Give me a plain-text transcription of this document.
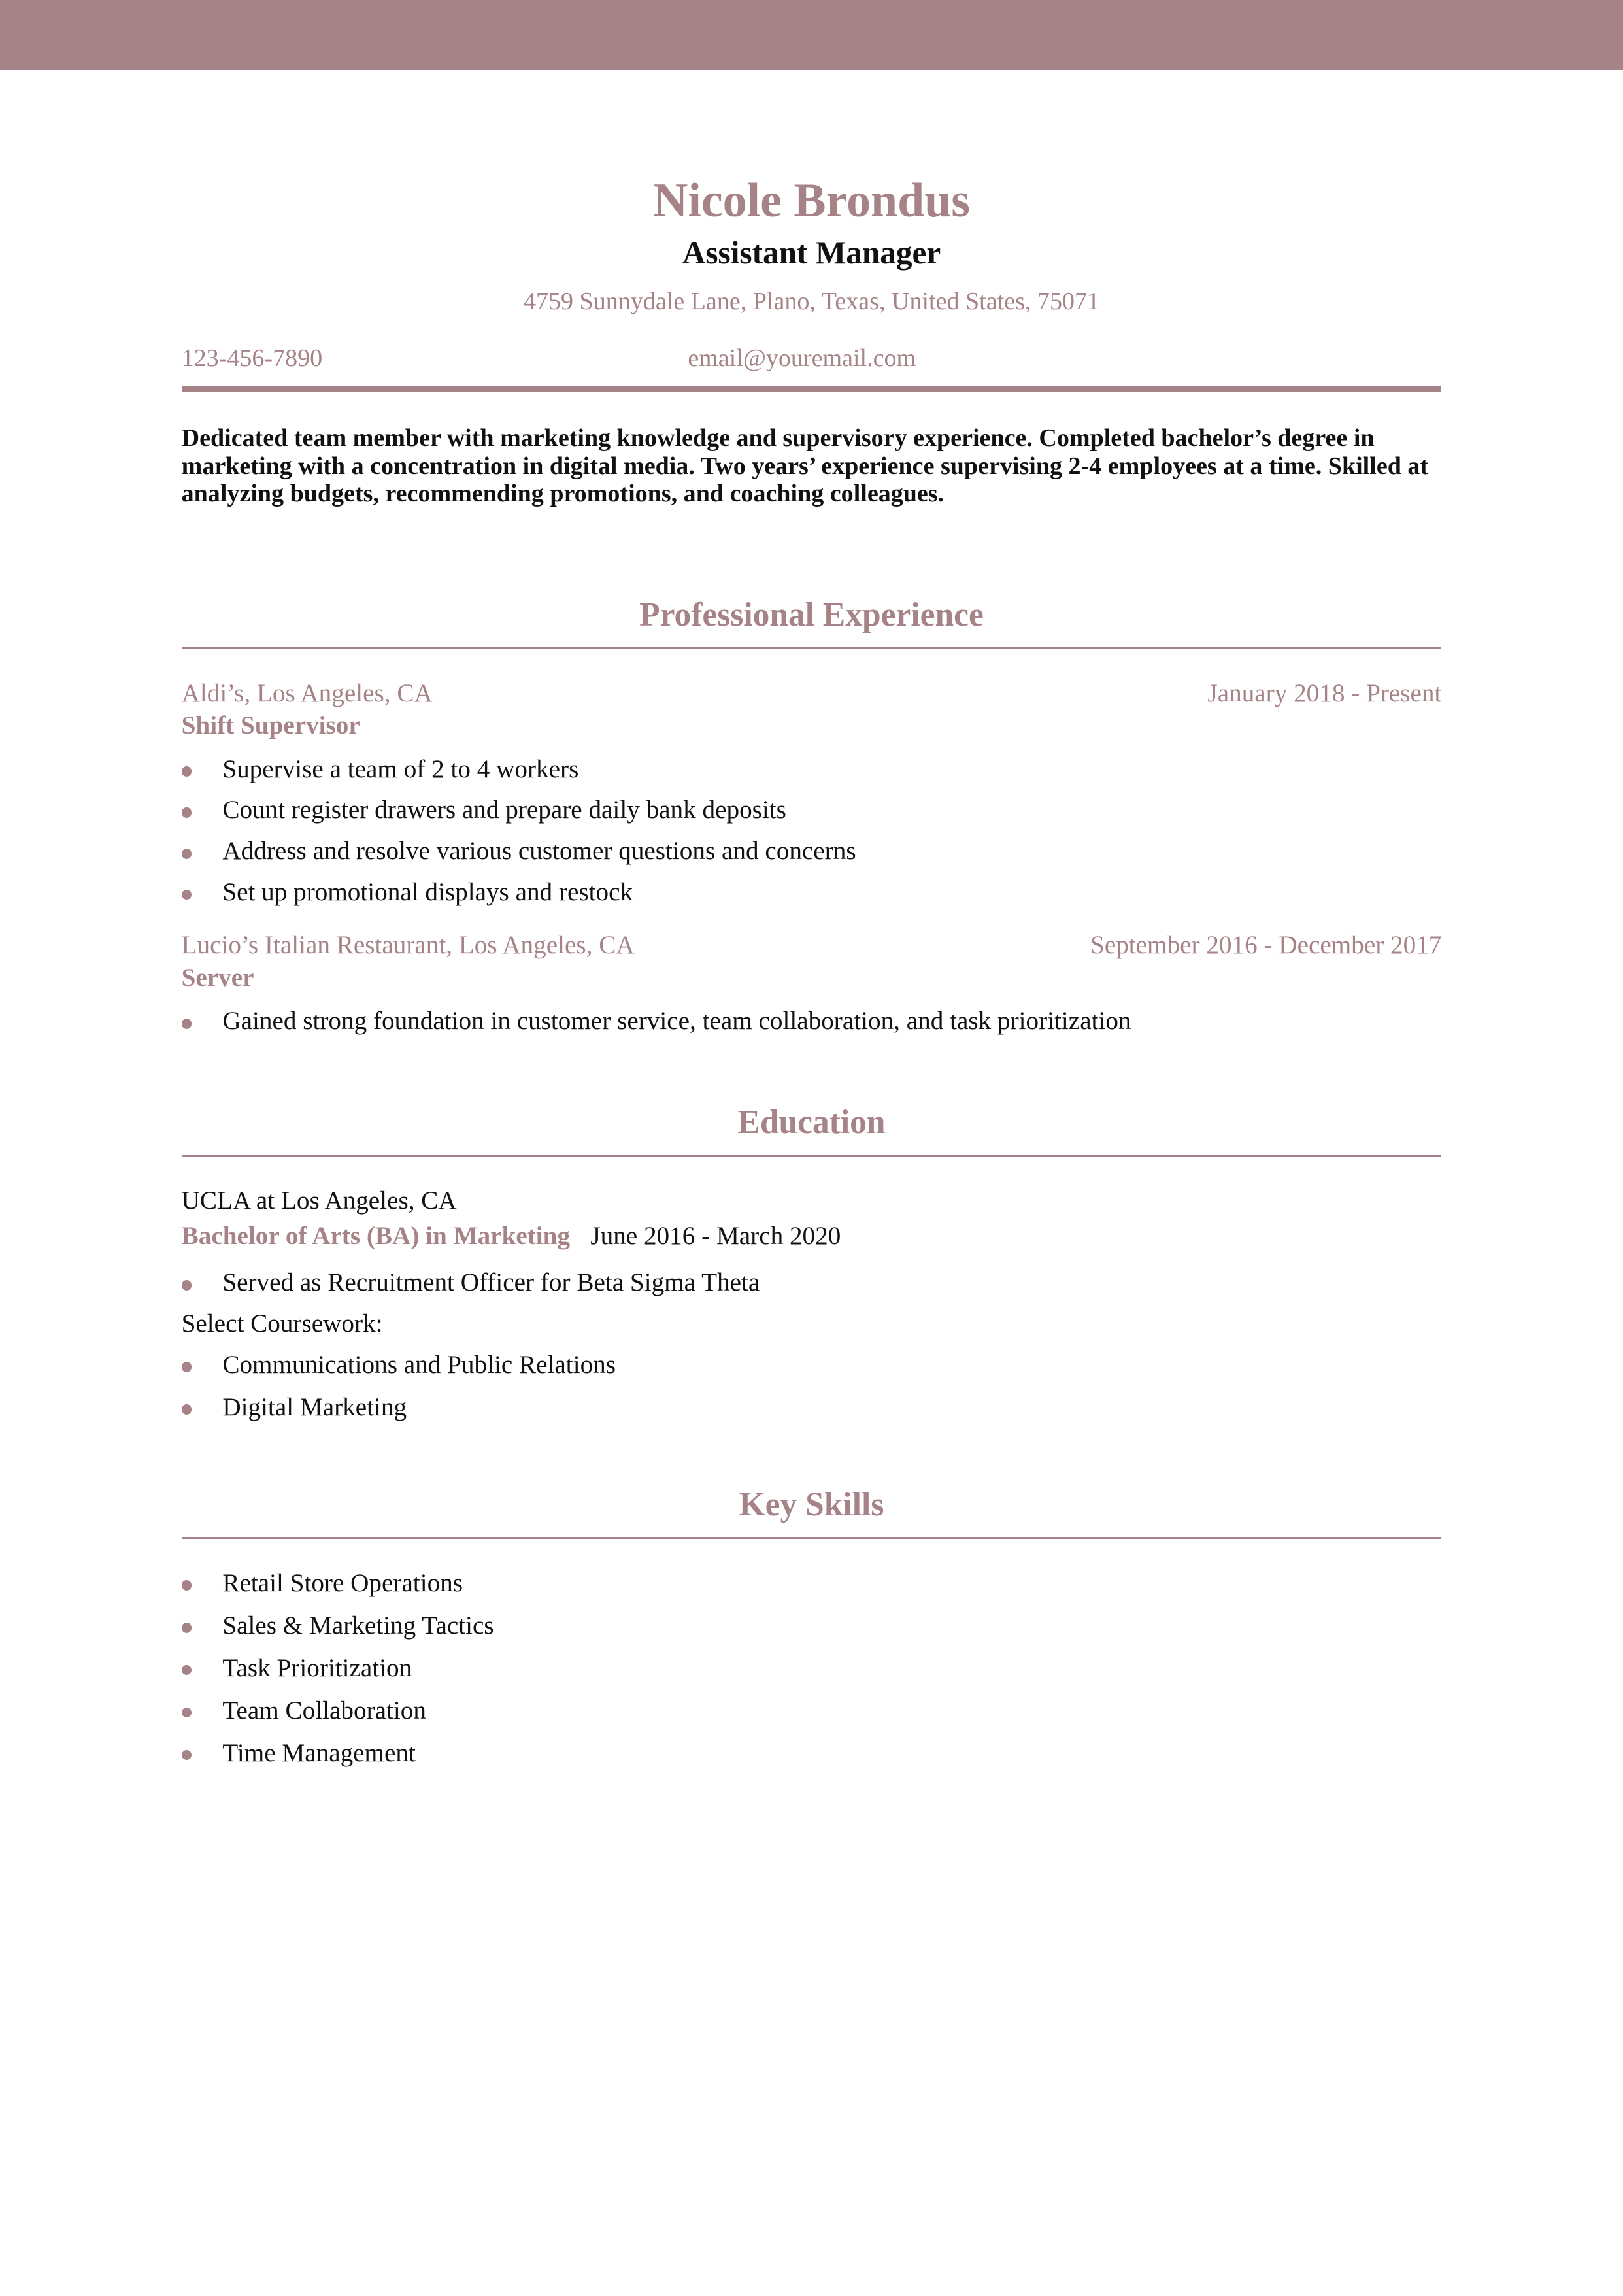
Nicole Brondus
Assistant Manager
4759 Sunnydale Lane, Plano, Texas, United States, 75071
123-456-7890	email@youremail.com
Dedicated team member with marketing knowledge and supervisory experience. Completed bachelor’s degree in marketing with a concentration in digital media. Two years’ experience supervising 2-4 employees at a time. Skilled at analyzing budgets, recommending promotions, and coaching colleagues.
Professional Experience
Aldi’s, Los Angeles, CA	January 2018 - Present
Shift Supervisor
Supervise a team of 2 to 4 workers
Count register drawers and prepare daily bank deposits
Address and resolve various customer questions and concerns
Set up promotional displays and restock
Lucio’s Italian Restaurant, Los Angeles, CA	September 2016 - December 2017
Server
Gained strong foundation in customer service, team collaboration, and task prioritization
Education
UCLA at Los Angeles, CA
Bachelor of Arts (BA) in Marketing June 2016 - March 2020
Served as Recruitment Officer for Beta Sigma Theta
Select Coursework:
Communications and Public Relations
Digital Marketing
Key Skills
Retail Store Operations
Sales & Marketing Tactics
Task Prioritization
Team Collaboration
Time Management
